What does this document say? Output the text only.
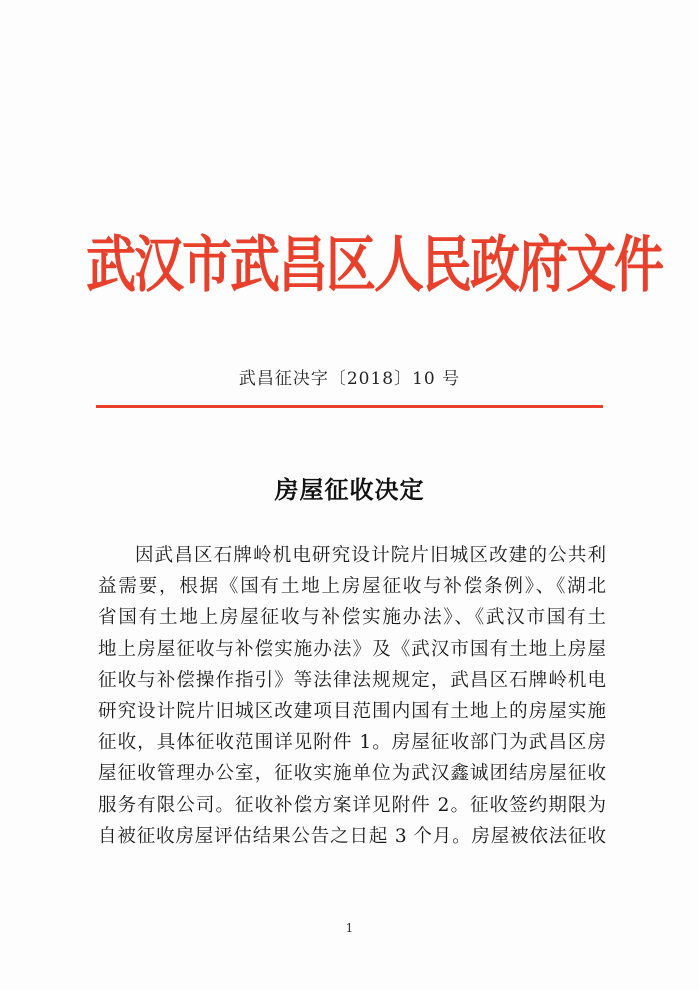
武汉市武昌区人民政府文件
武昌征决字〔2018〕10 号
房屋征收决定
因武昌区石牌岭机电研究设计院片旧城区改建的公共利
益需要，根据《国有土地上房屋征收与补偿条例》、《湖北
省国有土地上房屋征收与补偿实施办法》、《武汉市国有土
地上房屋征收与补偿实施办法》及《武汉市国有土地上房屋
征收与补偿操作指引》等法律法规规定，武昌区石牌岭机电
研究设计院片旧城区改建项目范围内国有土地上的房屋实施
征收，具体征收范围详见附件 1。房屋征收部门为武昌区房
屋征收管理办公室，征收实施单位为武汉鑫诚团结房屋征收
服务有限公司。征收补偿方案详见附件 2。征收签约期限为
自被征收房屋评估结果公告之日起 3 个月。房屋被依法征收
1
